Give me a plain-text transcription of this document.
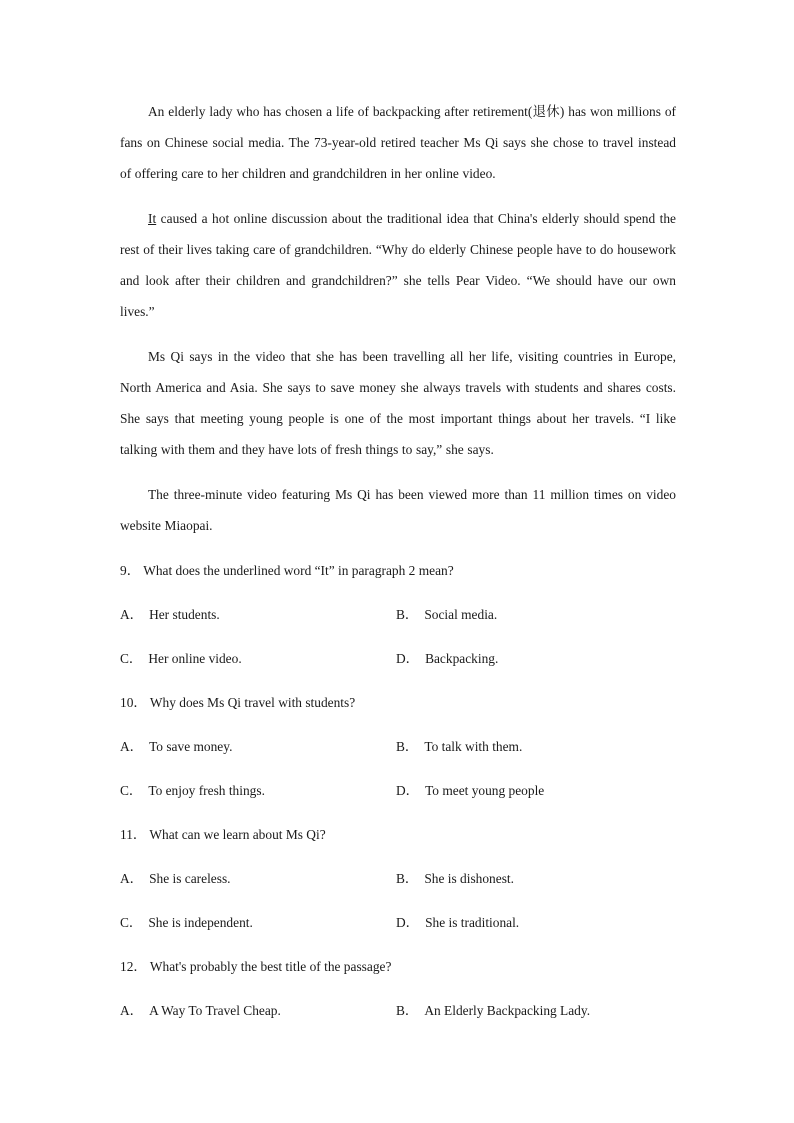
An elderly lady who has chosen a life of backpacking after retirement(退休) has won millions of fans on Chinese social media. The 73-year-old retired teacher Ms Qi says she chose to travel instead of offering care to her children and grandchildren in her online video.

It caused a hot online discussion about the traditional idea that China's elderly should spend the rest of their lives taking care of grandchildren. “Why do elderly Chinese people have to do housework and look after their children and grandchildren?” she tells Pear Video. “We should have our own lives.”

Ms Qi says in the video that she has been travelling all her life, visiting countries in Europe, North America and Asia. She says to save money she always travels with students and shares costs. She says that meeting young people is one of the most important things about her travels. “I like talking with them and they have lots of fresh things to say,” she says.

The three-minute video featuring Ms Qi has been viewed more than 11 million times on video website Miaopai.

9． What does the underlined word “It” in paragraph 2 mean?
A． Her students.	B． Social media.
C． Her online video.	D． Backpacking.
10． Why does Ms Qi travel with students?
A． To save money.	B． To talk with them.
C． To enjoy fresh things.	D． To meet young people
11． What can we learn about Ms Qi?
A． She is careless.	B． She is dishonest.
C． She is independent.	D． She is traditional.
12． What's probably the best title of the passage?
A． A Way To Travel Cheap.	B． An Elderly Backpacking Lady.
